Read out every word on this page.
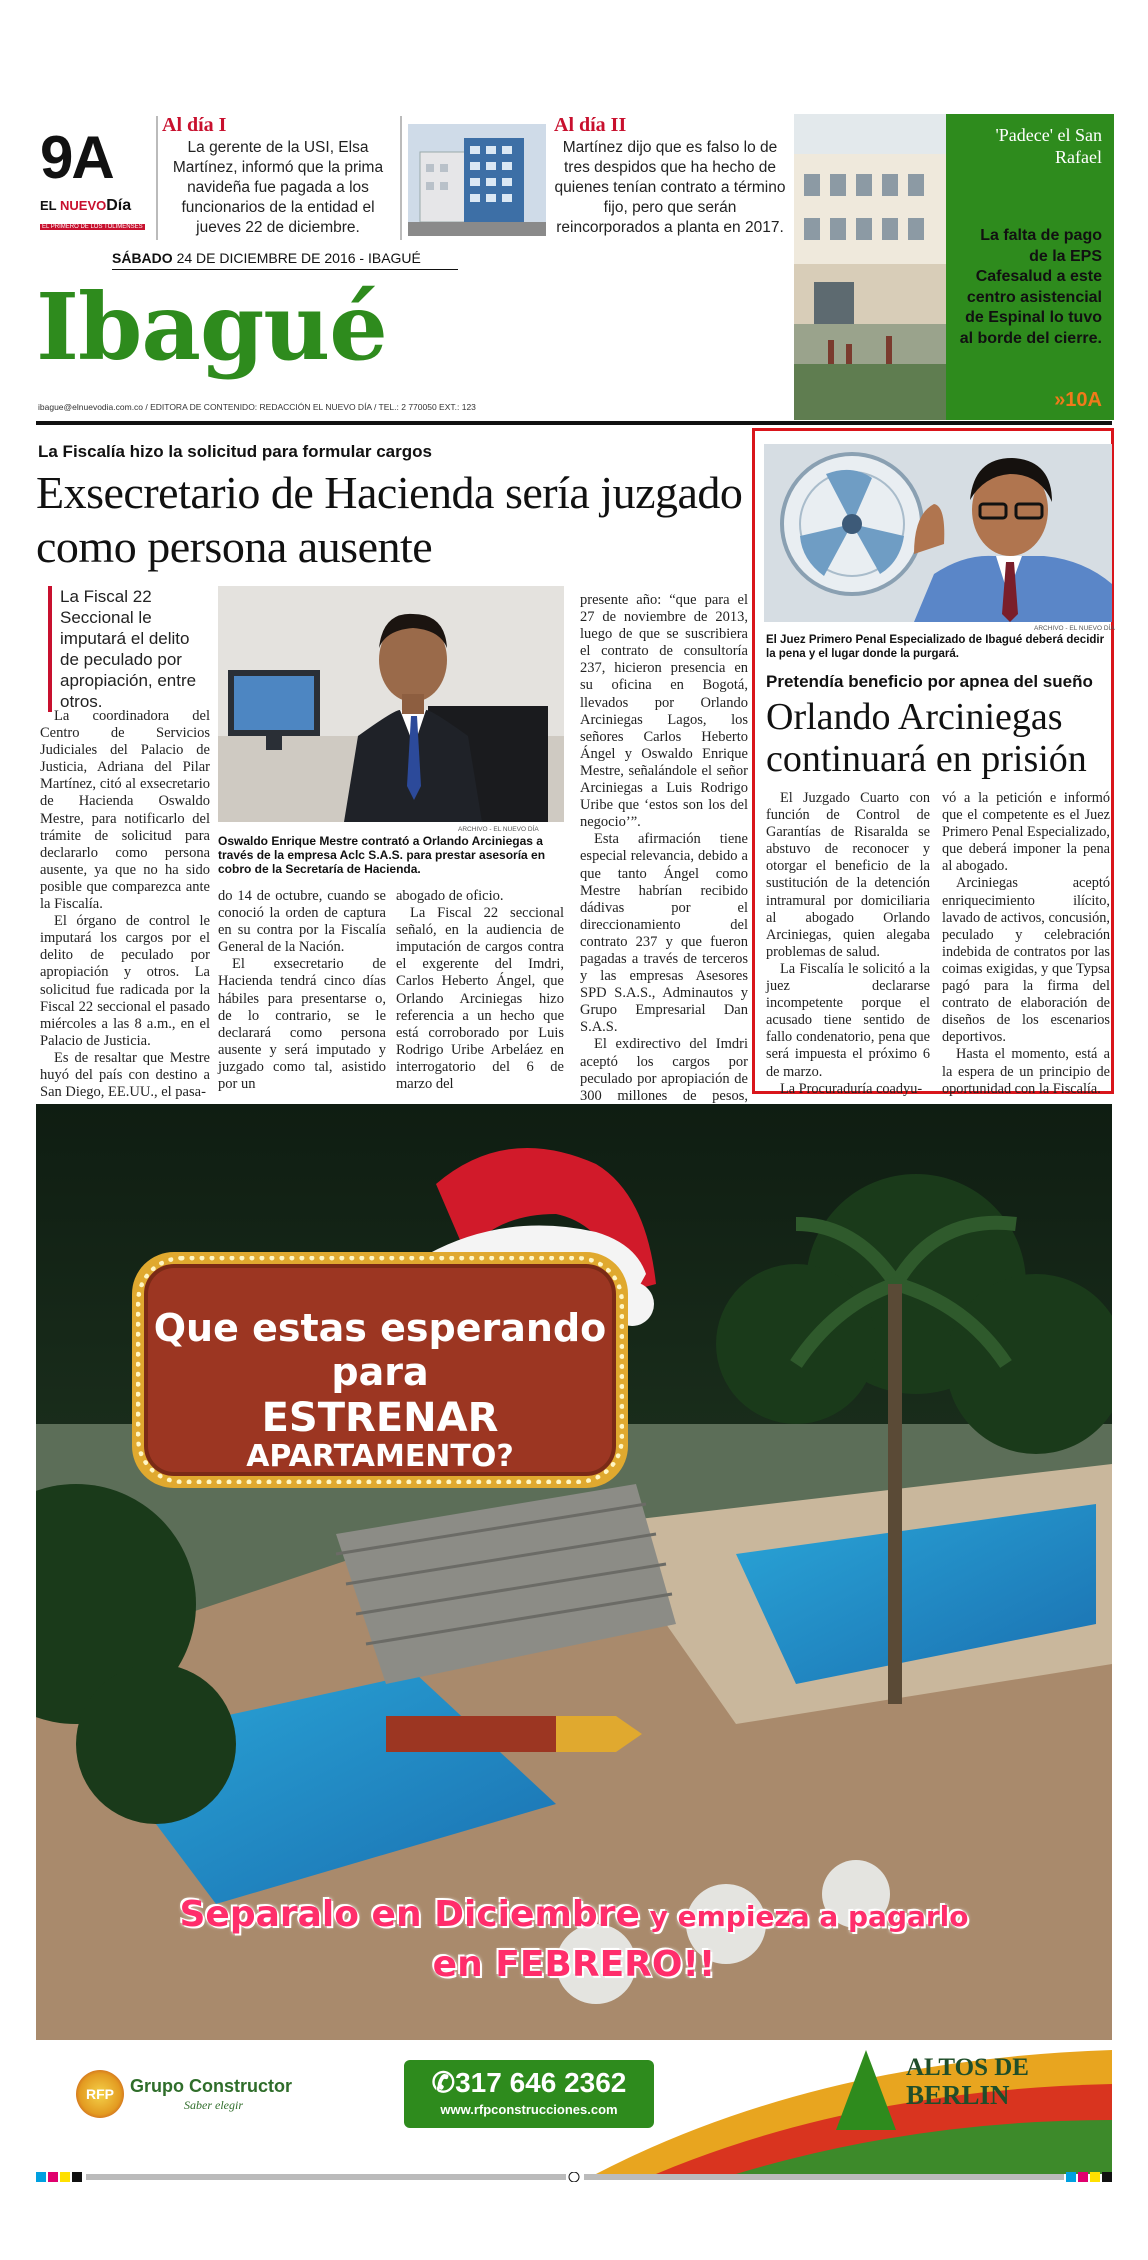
9A
EL NUEVODía
EL PRIMERO DE LOS TOLIMENSES
Al día I
La gerente de la USI, Elsa Martínez, informó que la prima navideña fue pagada a los funcionarios de la entidad el jueves 22 de diciembre.
Al día II
Martínez dijo que es falso lo de tres despidos que ha hecho de quienes tenían contrato a término fijo, pero que serán reincorporados a planta en 2017.
SÁBADO 24 DE DICIEMBRE DE 2016 - IBAGUÉ
Ibagué
ibague@elnuevodia.com.co / EDITORA DE CONTENIDO: REDACCIÓN EL NUEVO DÍA / TEL.: 2 770050 EXT.: 123
'Padece' el San Rafael
La falta de pago de la EPS Cafesalud a este centro asistencial de Espinal lo tuvo al borde del cierre.
»10A
La Fiscalía hizo la solicitud para formular cargos
Exsecretario de Hacienda sería juzgado como persona ausente
La Fiscal 22 Seccional le imputará el delito de peculado por apropiación, entre otros.

La coordinadora del Centro de Servicios Judiciales del Palacio de Justicia, Adriana del Pilar Martínez, citó al exsecretario de Hacienda Oswaldo Mestre, para notificarlo del trámite de solicitud para declararlo como persona ausente, ya que no ha sido posible que comparezca ante la Fiscalía.

El órgano de control le imputará los cargos por el delito de peculado por apropiación y otros. La solicitud fue radicada por la Fiscal 22 seccional el pasado miércoles a las 8 a.m., en el Palacio de Justicia.

Es de resaltar que Mestre huyó del país con destino a San Diego, EE.UU., el pasa-

ARCHIVO - EL NUEVO DÍA
Oswaldo Enrique Mestre contrató a Orlando Arciniegas a través de la empresa Aclc S.A.S. para prestar asesoría en cobro de la Secretaría de Hacienda.

do 14 de octubre, cuando se conoció la orden de captura en su contra por la Fiscalía General de la Nación.

El exsecretario de Hacienda tendrá cinco días hábiles para presentarse o, de lo contrario, se le declarará como persona ausente y será imputado y juzgado como tal, asistido por un

abogado de oficio.

La Fiscal 22 seccional señaló, en la audiencia de imputación de cargos contra el exgerente del Imdri, Carlos Heberto Ángel, que Orlando Arciniegas hizo referencia a un hecho que está corroborado por Luis Rodrigo Uribe Arbeláez en interrogatorio del 6 de marzo del

presente año: “que para el 27 de noviembre de 2013, luego de que se suscribiera el contrato de consultoría 237, hicieron presencia en su oficina en Bogotá, llevados por Orlando Arciniegas Lagos, los señores Carlos Heberto Ángel y Oswaldo Enrique Mestre, señalándole el señor Arciniegas a Luis Rodrigo Uribe que ‘estos son los del negocio’”.

Esta afirmación tiene especial relevancia, debido a que tanto Ángel como Mestre habrían recibido dádivas por el direccionamiento del contrato 237 y que fueron pagadas a través de terceros y las empresas Asesores SPD S.A.S., Adminautos y Grupo Empresarial Dan S.A.S.

El exdirectivo del Imdri aceptó los cargos por peculado por apropiación de 300 millones de pesos,

ARCHIVO - EL NUEVO DÍA
El Juez Primero Penal Especializado de Ibagué deberá decidir la pena y el lugar donde la purgará.
Pretendía beneficio por apnea del sueño
Orlando Arciniegas continuará en prisión

El Juzgado Cuarto con función de Control de Garantías de Risaralda se abstuvo de reconocer y otorgar el beneficio de la sustitución de la detención intramural por domiciliaria al abogado Orlando Arciniegas, quien alegaba problemas de salud.

La Fiscalía le solicitó a la juez declararse incompetente porque el acusado tiene sentido de fallo condenatorio, pena que será impuesta el próximo 6 de marzo.

La Procuraduría coadyu-

vó a la petición e informó que el competente es el Juez Primero Penal Especializado, que deberá imponer la pena al abogado.

Arciniegas aceptó enriquecimiento ilícito, lavado de activos, concusión, peculado y celebración indebida de contratos por las coimas exigidas, y que Typsa pagó para la firma del contrato de elaboración de diseños de los escenarios deportivos.

Hasta el momento, está a la espera de un principio de oportunidad con la Fiscalía.

Que estas esperando para
ESTRENAR
APARTAMENTO?
Separalo en Diciembre y empieza a pagarlo
en FEBRERO!!
RFP Grupo Constructor
Saber elegir
✆317 646 2362
www.rfpconstrucciones.com
ALTOS DE
BERLIN
